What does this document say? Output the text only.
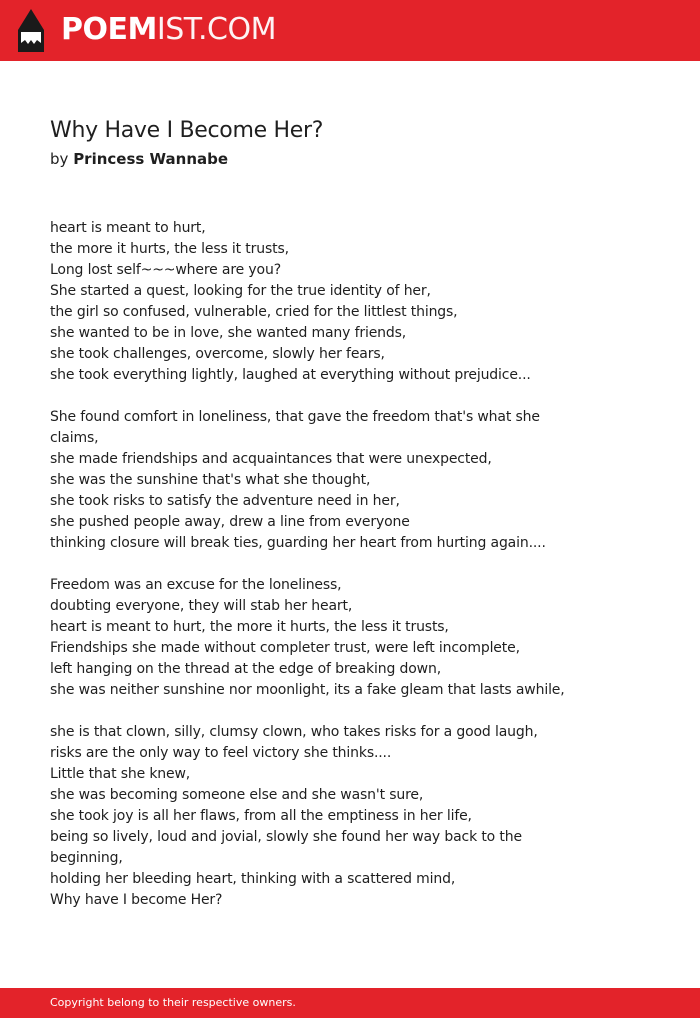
POEMIST.COM
Why Have I Become Her?
by Princess Wannabe
heart is meant to hurt,
the more it hurts, the less it trusts,
Long lost self~~~where are you?
She started a quest, looking for the true identity of her,
the girl so confused, vulnerable, cried for the littlest things,
she wanted to be in love, she wanted many friends,
she took challenges, overcome, slowly her fears,
she took everything lightly, laughed at everything without prejudice...
She found comfort in loneliness, that gave the freedom that's what she
claims,
she made friendships and acquaintances that were unexpected,
she was the sunshine that's what she thought,
she took risks to satisfy the adventure need in her,
she pushed people away, drew a line from everyone
thinking closure will break ties, guarding her heart from hurting again....
Freedom was an excuse for the loneliness,
doubting everyone, they will stab her heart,
heart is meant to hurt, the more it hurts, the less it trusts,
Friendships she made without completer trust, were left incomplete,
left hanging on the thread at the edge of breaking down,
she was neither sunshine nor moonlight, its a fake gleam that lasts awhile,
she is that clown, silly, clumsy clown, who takes risks for a good laugh,
risks are the only way to feel victory she thinks....
Little that she knew,
she was becoming someone else and she wasn't sure,
she took joy is all her flaws, from all the emptiness in her life,
being so lively, loud and jovial, slowly she found her way back to the
beginning,
holding her bleeding heart, thinking with a scattered mind,
Why have I become Her?
Copyright belong to their respective owners.
